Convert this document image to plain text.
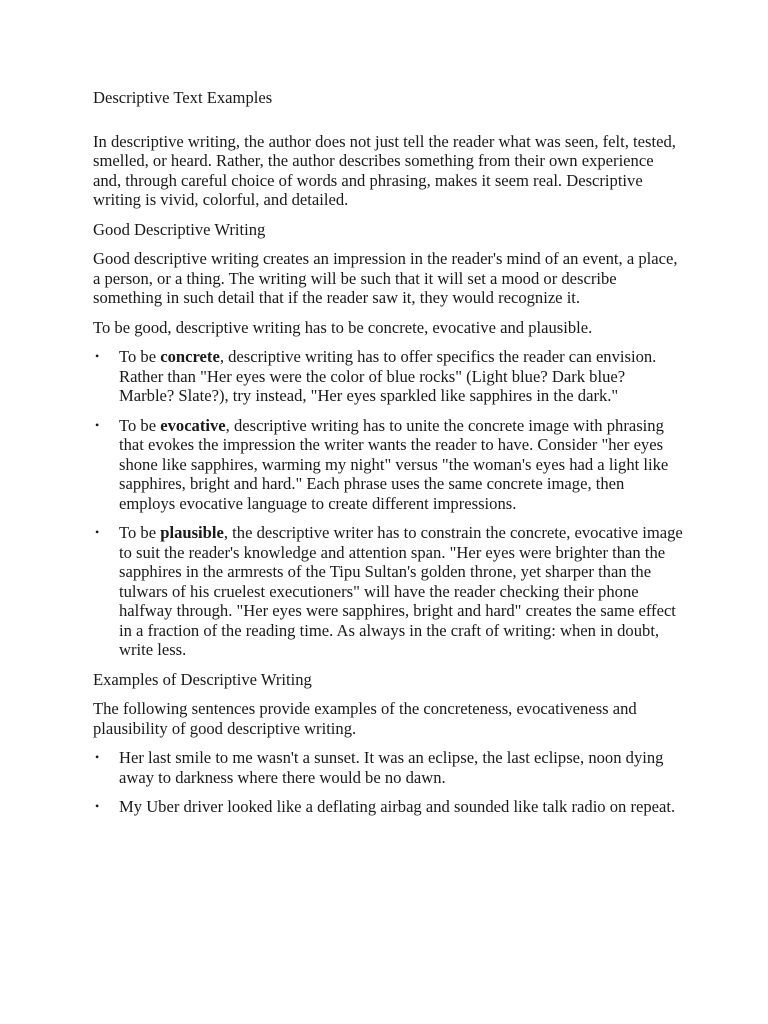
Descriptive Text Examples

In descriptive writing, the author does not just tell the reader what was seen, felt, tested, smelled, or heard. Rather, the author describes something from their own experience and, through careful choice of words and phrasing, makes it seem real. Descriptive writing is vivid, colorful, and detailed.

Good Descriptive Writing

Good descriptive writing creates an impression in the reader's mind of an event, a place, a person, or a thing. The writing will be such that it will set a mood or describe something in such detail that if the reader saw it, they would recognize it.

To be good, descriptive writing has to be concrete, evocative and plausible.

• To be concrete, descriptive writing has to offer specifics the reader can envision. Rather than "Her eyes were the color of blue rocks" (Light blue? Dark blue? Marble? Slate?), try instead, "Her eyes sparkled like sapphires in the dark."
• To be evocative, descriptive writing has to unite the concrete image with phrasing that evokes the impression the writer wants the reader to have. Consider "her eyes shone like sapphires, warming my night" versus "the woman's eyes had a light like sapphires, bright and hard." Each phrase uses the same concrete image, then employs evocative language to create different impressions.
• To be plausible, the descriptive writer has to constrain the concrete, evocative image to suit the reader's knowledge and attention span. "Her eyes were brighter than the sapphires in the armrests of the Tipu Sultan's golden throne, yet sharper than the tulwars of his cruelest executioners" will have the reader checking their phone halfway through. "Her eyes were sapphires, bright and hard" creates the same effect in a fraction of the reading time. As always in the craft of writing: when in doubt, write less.

Examples of Descriptive Writing

The following sentences provide examples of the concreteness, evocativeness and plausibility of good descriptive writing.

• Her last smile to me wasn't a sunset. It was an eclipse, the last eclipse, noon dying away to darkness where there would be no dawn.
• My Uber driver looked like a deflating airbag and sounded like talk radio on repeat.
